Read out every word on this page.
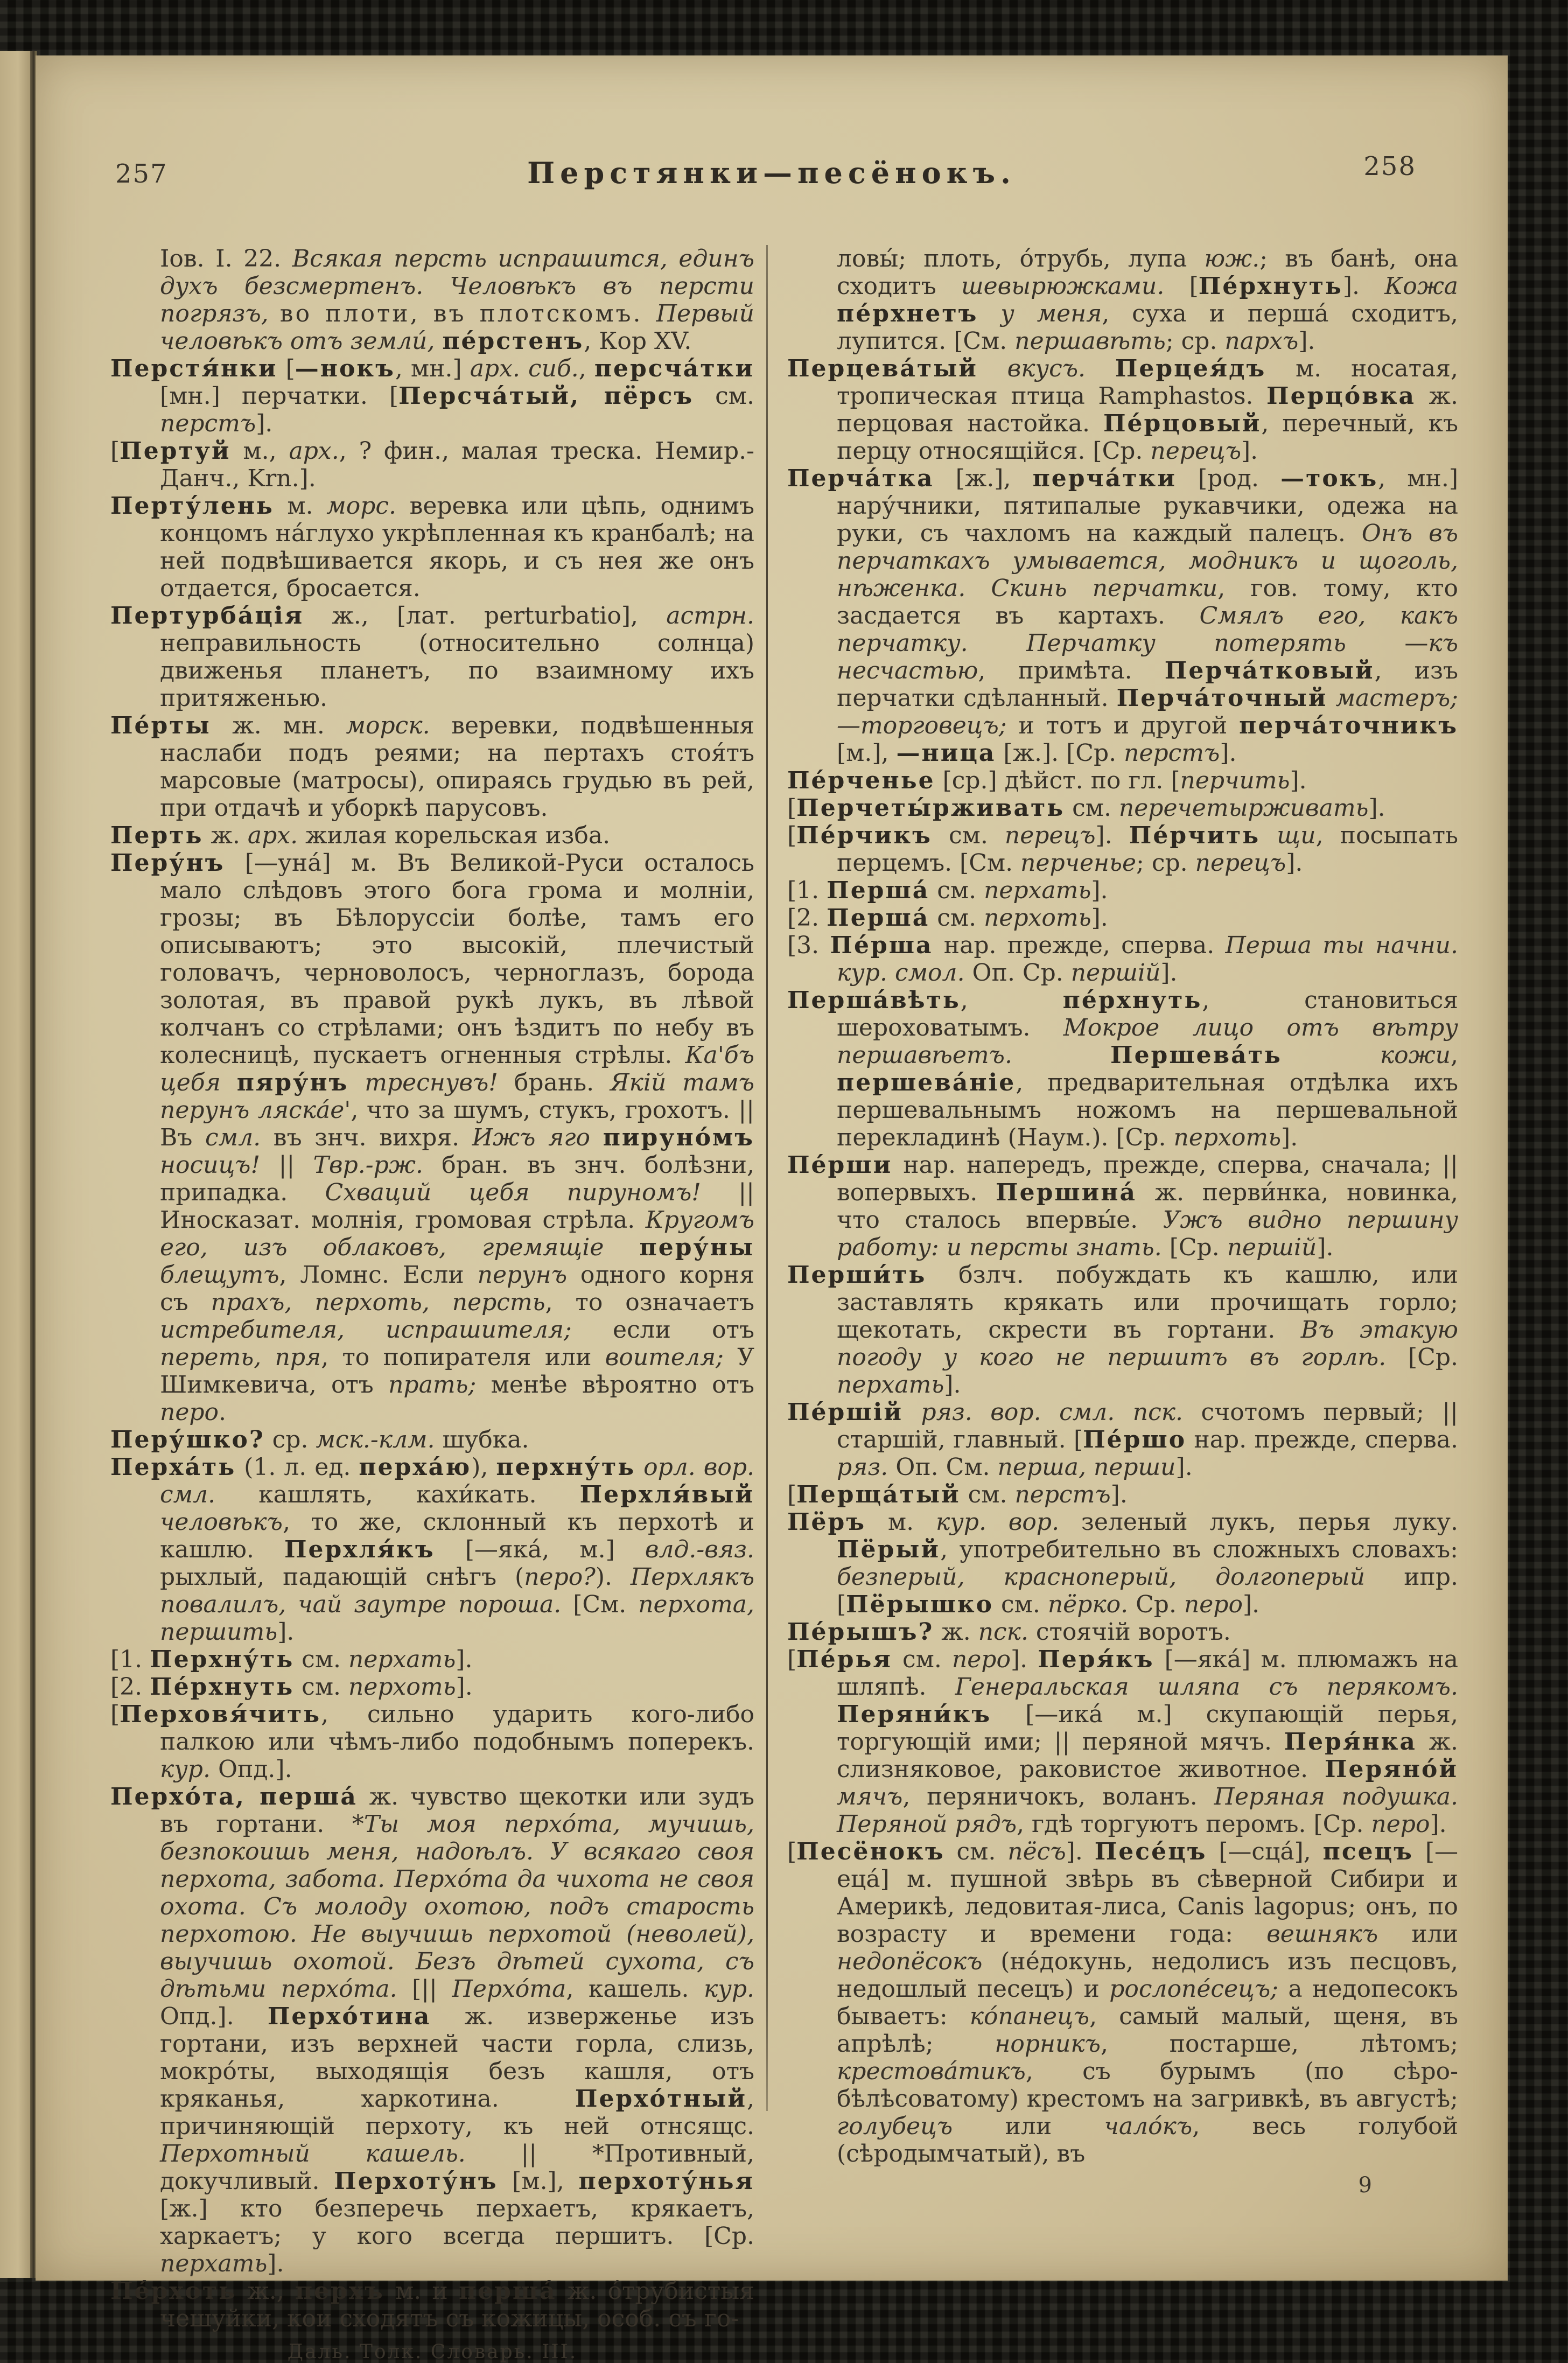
257	Перстянки—песёнокъ.	258

Іов. І. 22. Всякая персть испрашится, единъ духъ безсмертенъ. Человѣкъ въ персти погрязъ, во плоти, въ плотскомъ. Первый человѣкъ отъ земли́, пе́рстенъ, Кор XV.

Перстя́нки [—нокъ, мн.] арх. сиб., персча́тки [мн.] перчатки. [Персча́тый, пёрсъ см. перстъ].

[Пертуй м., арх., ? фин., малая треска. Немир.-Данч., Krn.].

Перту́лень м. морс. веревка или цѣпь, однимъ концомъ на́глухо укрѣпленная къ кранбалѣ; на ней подвѣшивается якорь, и съ нея же онъ отдается, бросается.

Пертурба́ція ж., [лат. perturbatio], астрн. неправильность (относительно солнца) движенья планетъ, по взаимному ихъ притяженью.

Пе́рты ж. мн. морск. веревки, подвѣшенныя наслаби подъ реями; на пертахъ стоя́тъ марсовые (матросы), опираясь грудью въ рей, при отдачѣ и уборкѣ парусовъ.

Перть ж. арх. жилая корельская изба.

Перу́нъ [—уна́] м. Въ Великой-Руси осталось мало слѣдовъ этого бога грома и молніи, грозы; въ Бѣлоруссіи болѣе, тамъ его описываютъ; это высокій, плечистый головачъ, черноволосъ, черноглазъ, борода золотая, въ правой рукѣ лукъ, въ лѣвой колчанъ со стрѣлами; онъ ѣздитъ по небу въ колесницѣ, пускаетъ огненныя стрѣлы. Ка'бъ цебя пяру́нъ треснувъ! брань. Якій тамъ перунъ ляска́е', что за шумъ, стукъ, грохотъ. || Въ смл. въ знч. вихря. Ижъ яго пируно́мъ носицъ! || Твр.-рж. бран. въ знч. болѣзни, припадка. Схваций цебя пируномъ! || Иносказат. молнія, громовая стрѣла. Кругомъ его, изъ облаковъ, гремящіе перу́ны блещутъ, Ломнс. Если перунъ одного корня съ прахъ, перхоть, персть, то означаетъ истребителя, испрашителя; если отъ переть, пря, то попирателя или воителя; У Шимкевича, отъ прать; менѣе вѣроятно отъ перо.

Перу́шко? ср. мск.-клм. шубка.

Перха́ть (1. л. ед. перха́ю), перхну́ть орл. вор. смл. кашлять, кахи́кать. Перхля́вый человѣкъ, то же, склонный къ перхотѣ и кашлю. Перхля́къ [—яка́, м.] влд.-вяз. рыхлый, падающій снѣгъ (перо?). Перхлякъ повалилъ, чай заутре пороша. [См. перхота, першить].

[1. Перхну́ть см. перхать].

[2. Пе́рхнуть см. перхоть].

[Перховя́чить, сильно ударить кого-либо палкою или чѣмъ-либо подобнымъ поперекъ. кур. Опд.].

Перхо́та, перша́ ж. чувство щекотки или зудъ въ гортани. *Ты моя перхо́та, мучишь, безпокоишь меня, надоѣлъ. У всякаго своя перхота, забота. Перхо́та да чихота не своя охота. Съ молоду охотою, подъ старость перхотою. Не выучишь перхотой (неволей), выучишь охотой. Безъ дѣтей сухота, съ дѣтьми перхо́та. [|| Перхо́та, кашель. кур. Опд.]. Перхо́тина ж. изверженье изъ гортани, изъ верхней части горла, слизь, мокро́ты, выходящія безъ кашля, отъ кряканья, харкотина. Перхо́тный, причиняющій перхоту, къ ней отнсящс. Перхотный кашель. || *Противный, докучливый. Перхоту́нъ [м.], перхоту́нья [ж.] кто безперечь перхаетъ, крякаетъ, харкаетъ; у кого всегда першитъ. [Ср. перхать].

Пе́рхоть ж., перхъ м. и перша́ ж. о́трубистыя чешуйки, кои сходятъ съ кожицы, особ. съ го-

Даль. Толк. Словарь. III.

ловы́; плоть, о́трубь, лупа юж.; въ банѣ, она сходитъ шевырюжками. [Пе́рхнуть]. Кожа пе́рхнетъ у меня, суха и перша́ сходитъ, лупится. [См. першавѣть; ср. пархъ].

Перцева́тый вкусъ. Перцея́дъ м. носатая, тропическая птица Ramphastos. Перцо́вка ж. перцовая настойка. Пе́рцовый, перечный, къ перцу относящійся. [Ср. перецъ].

Перча́тка [ж.], перча́тки [род. —токъ, мн.] нару́чники, пятипалые рукавчики, одежа на руки, съ чахломъ на каждый палецъ. Онъ въ перчаткахъ умывается, модникъ и щоголь, нѣженка. Скинь перчатки, гов. тому, кто засдается въ картахъ. Смялъ его, какъ перчатку. Перчатку потерять —къ несчастью, примѣта. Перча́тковый, изъ перчатки сдѣланный. Перча́точный мастеръ; —торговецъ; и тотъ и другой перча́точникъ [м.], —ница [ж.]. [Ср. перстъ].

Пе́рченье [ср.] дѣйст. по гл. [перчить].

[Перчеты́рживать см. перечетырживать].

[Пе́рчикъ см. перецъ]. Пе́рчить щи, посыпать перцемъ. [См. перченье; ср. перецъ].

[1. Перша́ см. перхать].

[2. Перша́ см. перхоть].

[3. Пе́рша нар. прежде, сперва. Перша ты начни. кур. смол. Оп. Ср. першій].

Перша́вѣть, пе́рхнуть, становиться шероховатымъ. Мокрое лицо отъ вѣтру першавѣетъ.	Першева́ть	кожи, першева́ніе, предварительная отдѣлка ихъ першевальнымъ ножомъ на першевальной перекладинѣ (Наум.). [Ср. перхоть].

Пе́рши нар. напередъ, прежде, сперва, сначала; || вопервыхъ. Першина́ ж. перви́нка, новинка, что сталось впервы́е. Ужъ видно першину работу: и персты знать. [Ср. першій].

Перши́ть бзлч. побуждать къ кашлю, или заставлять крякать или прочищать горло; щекотать, скрести въ гортани. Въ этакую погоду у кого не першитъ въ горлѣ. [Ср. перхать].

Пе́ршій ряз. вор. смл. пск. счотомъ первый; || старшій, главный. [Пе́ршо нар. прежде, сперва. ряз. Оп. См. перша, перши].

[Перща́тый см. перстъ].

Пёръ м. кур. вор. зеленый лукъ, перья луку. Пёрый, употребительно въ сложныхъ словахъ: безперый, красноперый, долгоперый ипр. [Пёрышко см. пёрко. Ср. перо].

Пе́рышъ? ж. пск. стоячій воротъ.

[Пе́рья см. перо]. Перя́къ [—яка́] м. плюмажъ на шляпѣ. Генеральская шляпа съ перякомъ. Перяни́къ [—ика́ м.] скупающій перья, торгующій ими; || перяной мячъ. Перя́нка ж. слизняковое, раковистое животное. Перяно́й мячъ, перяничокъ, воланъ. Перяная подушка. Перяной рядъ, гдѣ торгуютъ перомъ. [Ср. перо].

[Песёнокъ см. пёсъ]. Песе́цъ [—сца́], псецъ [—еца́] м. пушной звѣрь въ сѣверной Сибири и Америкѣ, ледовитая-лиса, Canis lagopus; онъ, по возрасту и времени года: вешнякъ или недопёсокъ (не́докунь, недолисъ изъ песцовъ, недошлый песецъ) и рослопе́сецъ; а недопесокъ бываетъ: ко́панецъ, самый малый, щеня, въ апрѣлѣ; норникъ, постарше, лѣтомъ; крестова́тикъ, съ бурымъ (по сѣро-бѣлѣсоватому) крестомъ на загривкѣ, въ августѣ; голубецъ или чало́къ, весь голубой (сѣродымчатый), въ

9
